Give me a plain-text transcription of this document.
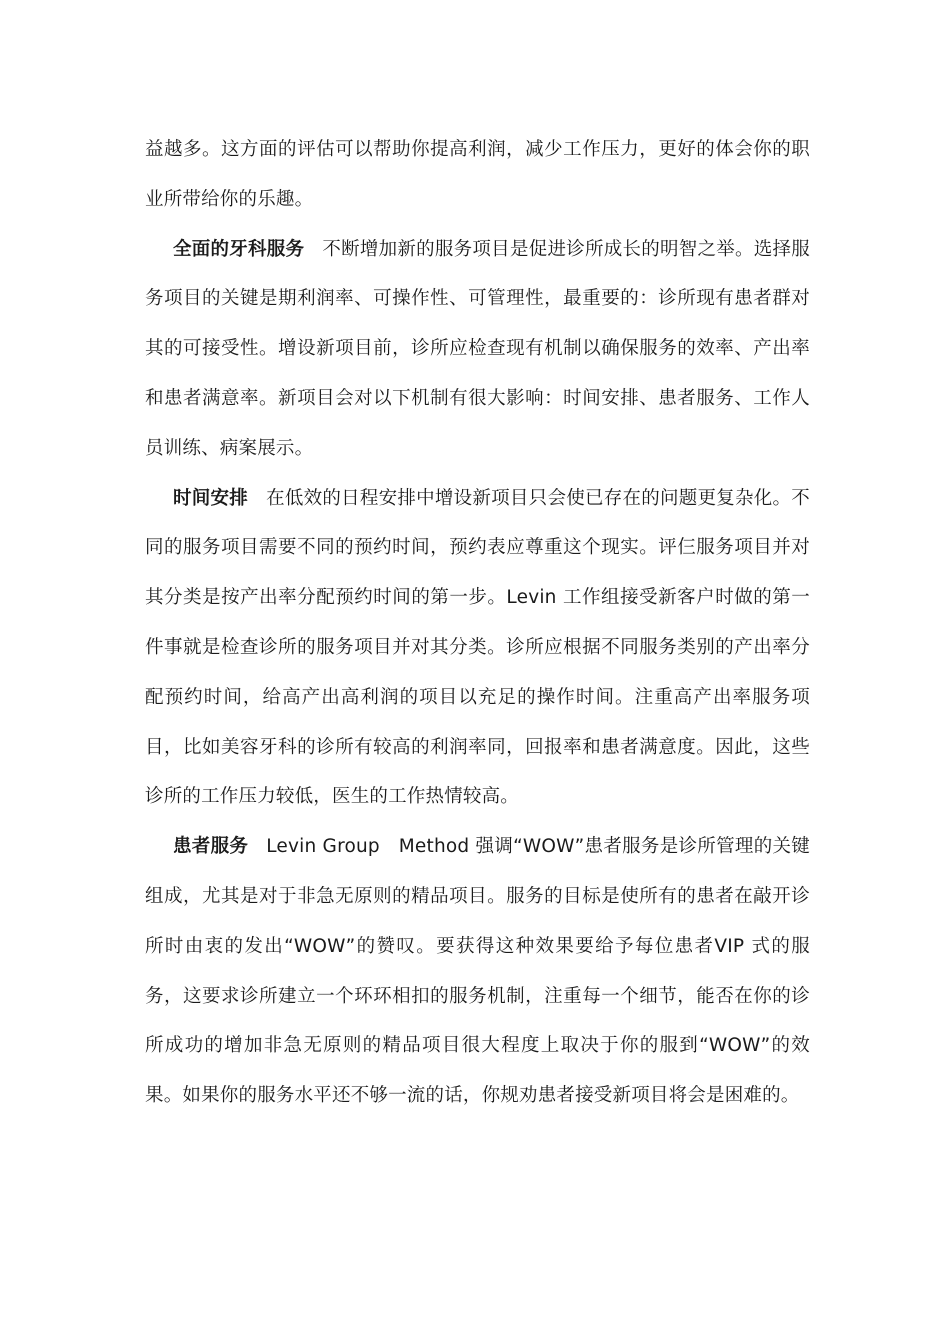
益越多。这方面的评估可以帮助你提高利润，减少工作压力，更好的体会你的职业所带给你的乐趣。

全面的牙科服务 不断增加新的服务项目是促进诊所成长的明智之举。选择服务项目的关键是期利润率、可操作性、可管理性，最重要的：诊所现有患者群对其的可接受性。增设新项目前，诊所应检查现有机制以确保服务的效率、产出率和患者满意率。新项目会对以下机制有很大影响：时间安排、患者服务、工作人员训练、病案展示。

时间安排 在低效的日程安排中增设新项目只会使已存在的问题更复杂化。不同的服务项目需要不同的预约时间，预约表应尊重这个现实。评仨服务项目并对其分类是按产出率分配预约时间的第一步。Levin 工作组接受新客户时做的第一件事就是检查诊所的服务项目并对其分类。诊所应根据不同服务类别的产出率分配预约时间，给高产出高利润的项目以充足的操作时间。注重高产出率服务项目，比如美容牙科的诊所有较高的利润率同，回报率和患者满意度。因此，这些诊所的工作压力较低，医生的工作热情较高。

患者服务 Levin Group　Method 强调“WOW”患者服务是诊所管理的关键组成，尤其是对于非急无原则的精品项目。服务的目标是使所有的患者在敲开诊所时由衷的发出“WOW”的赞叹。要获得这种效果要给予每位患者VIP 式的服务，这要求诊所建立一个环环相扣的服务机制，注重每一个细节，能否在你的诊所成功的增加非急无原则的精品项目很大程度上取决于你的服到“WOW”的效果。如果你的服务水平还不够一流的话，你规劝患者接受新项目将会是困难的。
